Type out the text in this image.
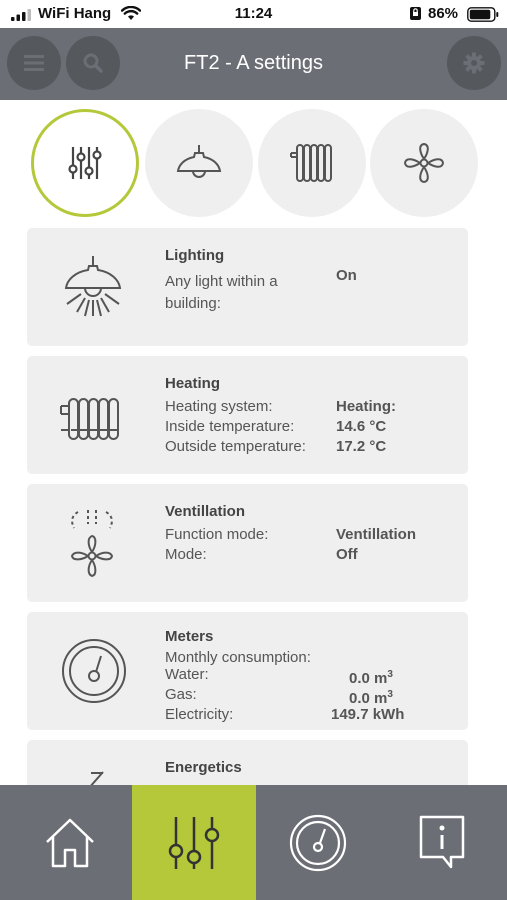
WiFi Hang	11:24	86%
FT2 - A settings
Lighting
Any light within a
building:
On
Heating
Heating system:
Inside temperature:
Outside temperature:
Heating:
14.6 °C
17.2 °C
Ventillation
Function mode:
Mode:
Ventillation
Off
Meters
Monthly consumption:
Water:
Gas:
Electricity:
0.0 $m^3$
0.0 $m^3$
149.7 kWh
Energetics
